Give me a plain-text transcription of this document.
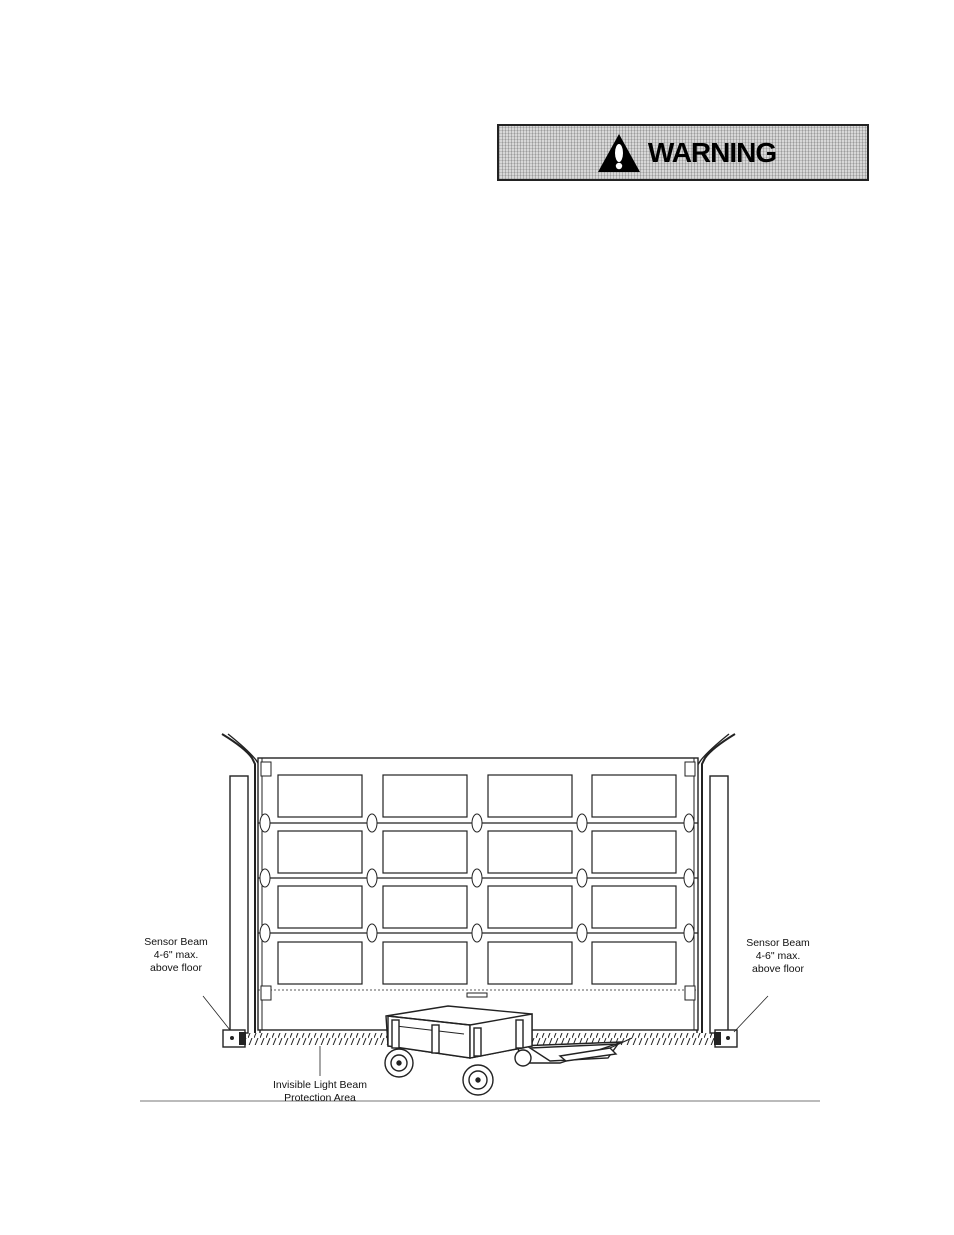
WARNING
Sensor Beam
4-6" max.
above floor
Sensor Beam
4-6" max.
above floor
Invisible Light Beam
Protection Area
